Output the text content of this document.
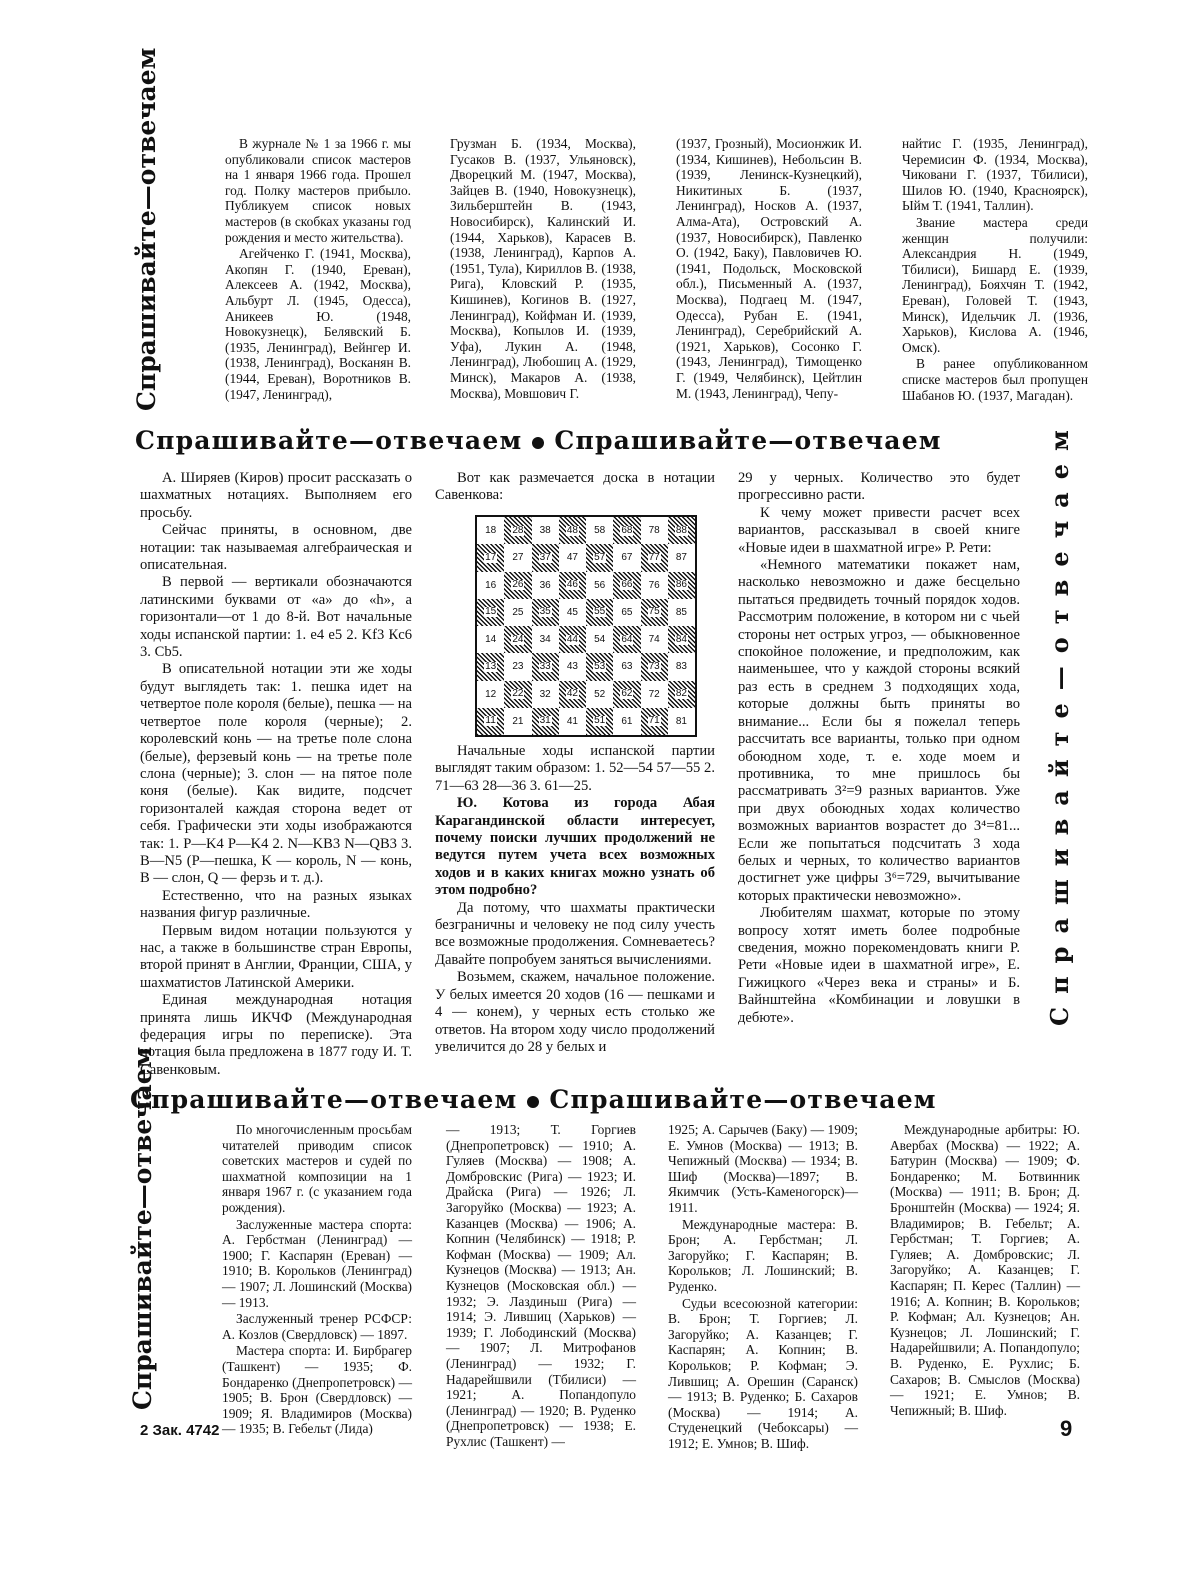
Спрашивайте—отвечаем	В журнале № 1 за 1966 г. мы опубликовали список мастеров на 1 января 1966 года. Прошел год. Полку мастеров прибыло. Публикуем список новых мастеров (в скобках указаны год рождения и место жительства).

Агейченко Г. (1941, Москва), Акопян Г. (1940, Ереван), Алексеев А. (1942, Москва), Альбурт Л. (1945, Одесса), Аникеев Ю. (1948, Новокузнецк), Белявский Б. (1935, Ленинград), Вейнгер И. (1938, Ленинград), Восканян В. (1944, Ереван), Воротников В. (1947, Ленинград),

Грузман Б. (1934, Москва), Гусаков В. (1937, Ульяновск), Дворецкий М. (1947, Москва), Зайцев В. (1940, Новокузнецк), Зильберштейн В. (1943, Новосибирск), Калинский И. (1944, Харьков), Карасев В. (1938, Ленинград), Карпов А. (1951, Тула), Кириллов В. (1938, Рига), Кловский Р. (1935, Кишинев), Когинов В. (1927, Ленинград), Койфман И. (1939, Москва), Копылов И. (1939, Уфа), Лукин А. (1948, Ленинград), Любошиц А. (1929, Минск), Макаров А. (1938, Москва), Мовшович Г.

(1937, Грозный), Мосионжик И. (1934, Кишинев), Небольсин В. (1939, Ленинск-Кузнецкий), Никитиных Б. (1937, Ленинград), Носков А. (1937, Алма-Ата), Островский А. (1937, Новосибирск), Павленко О. (1942, Баку), Павловичев Ю. (1941, Подольск, Московской обл.), Письменный А. (1937, Москва), Подгаец М. (1947, Одесса), Рубан Е. (1941, Ленинград), Серебрийский А. (1921, Харьков), Сосонко Г. (1943, Ленинград), Тимощенко Г. (1949, Челябинск), Цейтлин М. (1943, Ленинград), Чепу-

найтис Г. (1935, Ленинград), Черемисин Ф. (1934, Москва), Чиковани Г. (1937, Тбилиси), Шилов Ю. (1940, Красноярск), Ыйм Т. (1941, Таллин).

Звание мастера среди женщин получили: Александрия Н. (1949, Тбилиси), Бишард Е. (1939, Ленинград), Бояхчян Т. (1942, Ереван), Головей Т. (1943, Минск), Идельчик Л. (1936, Харьков), Кислова А. (1946, Омск).

В ранее опубликованном списке мастеров был пропущен Шабанов Ю. (1937, Магадан).

Спрашивайте—отвечаем Спрашивайте—отвечаем

А. Ширяев (Киров) просит рассказать о шахматных нотациях. Выполняем его просьбу.

Сейчас приняты, в основном, две нотации: так называемая алгебраическая и описательная.

В первой — вертикали обозначаются латинскими буквами от «а» до «h», а горизонтали—от 1 до 8-й. Вот начальные ходы испанской партии: 1. е4 е5 2. Kf3 Кc6 3. Cb5.

В описательной нотации эти же ходы будут выглядеть так: 1. пешка идет на четвертое поле короля (белые), пешка — на четвертое поле короля (черные); 2. королевский конь — на третье поле слона (белые), ферзевый конь — на третье поле слона (черные); 3. слон — на пятое поле коня (белые). Как видите, подсчет горизонталей каждая сторона ведет от себя. Графически эти ходы изображаются так: 1. P—K4 P—K4 2. N—KB3 N—QB3 3. B—N5 (P—пешка, K — король, N — конь, B — слон, Q — ферзь и т. д.).

Естественно, что на разных языках названия фигур различные.

Первым видом нотации пользуются у нас, а также в большинстве стран Европы, второй принят в Англии, Франции, США, у шахматистов Латинской Америки.

Единая международная нотация принята лишь ИКЧФ (Международная федерация игры по переписке). Эта нотация была предложена в 1877 году И. Т. Савенковым.

Вот как размечается доска в нотации Савенкова:

18 28 38 48 58 68 78 88
17 27 37 47 57 67 77 87
16 26 36 46 56 66 76 86
15 25 35 45 55 65 75 85
14 24 34 44 54 64 74 84
13 23 33 43 53 63 73 83
12 22 32 42 52 62 72 82
11 21 31 41 51 61 71 81

Начальные ходы испанской партии выглядят таким образом: 1. 52—54 57—55 2. 71—63 28—36 3. 61—25.

Ю. Котова из города Абая Карагандинской области интересует, почему поиски лучших продолжений не ведутся путем учета всех возможных ходов и в каких книгах можно узнать об этом подробно?

Да потому, что шахматы практически безграничны и человеку не под силу учесть все возможные продолжения. Сомневаетесь? Давайте попробуем заняться вычислениями.

Возьмем, скажем, начальное положение. У белых имеется 20 ходов (16 — пешками и 4 — конем), у черных есть столько же ответов. На втором ходу число продолжений увеличится до 28 у белых и

29 у черных. Количество это будет прогрессивно расти.

К чему может привести расчет всех вариантов, рассказывал в своей книге «Новые идеи в шахматной игре» Р. Рети:

«Немного математики покажет нам, насколько невозможно и даже бесцельно пытаться предвидеть точный порядок ходов. Рассмотрим положение, в котором ни с чьей стороны нет острых угроз, — обыкновенное спокойное положение, и предположим, как наименьшее, что у каждой стороны всякий раз есть в среднем 3 подходящих хода, которые должны быть приняты во внимание... Если бы я пожелал теперь рассчитать все варианты, только при одном обоюдном ходе, т. е. ходе моем и противника, то мне пришлось бы рассматривать 3²=9 разных вариантов. Уже при двух обоюдных ходах количество возможных вариантов возрастет до 3⁴=81... Если же попытаться подсчитать 3 хода белых и черных, то количество вариантов достигнет уже цифры 3⁶=729, вычитывание которых практически невозможно».

Любителям шахмат, которые по этому вопросу хотят иметь более подробные сведения, можно порекомендовать книги Р. Рети «Новые идеи в шахматной игре», Е. Гижицкого «Через века и страны» и Б. Вайнштейна «Комбинации и ловушки в дебюте».	Спрашивайте—отвечаем
Спрашивайте—отвечаем Спрашивайте—отвечаем
Спрашивайте—отвечаем	По многочисленным просьбам читателей приводим список советских мастеров и судей по шахматной композиции на 1 января 1967 г. (с указанием года рождения).

Заслуженные мастера спорта: А. Гербстман (Ленинград) — 1900; Г. Каспарян (Ереван) — 1910; В. Корольков (Ленинград) — 1907; Л. Лошинский (Москва) — 1913.

Заслуженный тренер РСФСР: А. Козлов (Свердловск) — 1897.

Мастера спорта: И. Бирбрагер (Ташкент) — 1935; Ф. Бондаренко (Днепропетровск) — 1905; В. Брон (Свердловск) — 1909; Я. Владимиров (Москва) — 1935; В. Гебельт (Лида)

— 1913; Т. Горгиев (Днепропетровск) — 1910; А. Гуляев (Москва) — 1908; А. Домбровскис (Рига) — 1923; И. Драйска (Рига) — 1926; Л. Загоруйко (Москва) — 1923; А. Казанцев (Москва) — 1906; А. Копнин (Челябинск) — 1918; Р. Кофман (Москва) — 1909; Ал. Кузнецов (Москва) — 1913; Ан. Кузнецов (Московская обл.) — 1932; Э. Лаздиньш (Рига) — 1914; Э. Лившиц (Харьков) — 1939; Г. Лободинский (Москва) — 1907; Л. Митрофанов (Ленинград) — 1932; Г. Надарейшвили (Тбилиси) — 1921; А. Попандопуло (Ленинград) — 1920; В. Руденко (Днепропетровск) — 1938; Е. Рухлис (Ташкент) —

1925; А. Сарычев (Баку) — 1909; Е. Умнов (Москва) — 1913; В. Чепижный (Москва) — 1934; В. Шиф (Москва)—1897; В. Якимчик (Усть-Каменогорск)—1911.

Международные мастера: В. Брон; А. Гербстман; Л. Загоруйко; Г. Каспарян; В. Корольков; Л. Лошинский; В. Руденко.

Судьи всесоюзной категории: В. Брон; Т. Горгиев; Л. Загоруйко; А. Казанцев; Г. Каспарян; А. Копнин; В. Корольков; Р. Кофман; Э. Лившиц; А. Орешин (Саранск) — 1913; В. Руденко; Б. Сахаров (Москва) — 1914; А. Студенецкий (Чебоксары) —1912; Е. Умнов; В. Шиф.

Международные арбитры: Ю. Авербах (Москва) — 1922; А. Батурин (Москва) — 1909; Ф. Бондаренко; М. Ботвинник (Москва) — 1911; В. Брон; Д. Бронштейн (Москва) — 1924; Я. Владимиров; В. Гебельт; А. Гербстман; Т. Горгиев; А. Гуляев; А. Домбровскис; Л. Загоруйко; А. Казанцев; Г. Каспарян; П. Керес (Таллин) — 1916; А. Копнин; В. Корольков; Р. Кофман; Ал. Кузнецов; Ан. Кузнецов; Л. Лошинский; Г. Надарейшвили; А. Попандопуло; В. Руденко, Е. Рухлис; Б. Сахаров; В. Смыслов (Москва) — 1921; Е. Умнов; В. Чепижный; В. Шиф.

2 Зак. 4742	9
